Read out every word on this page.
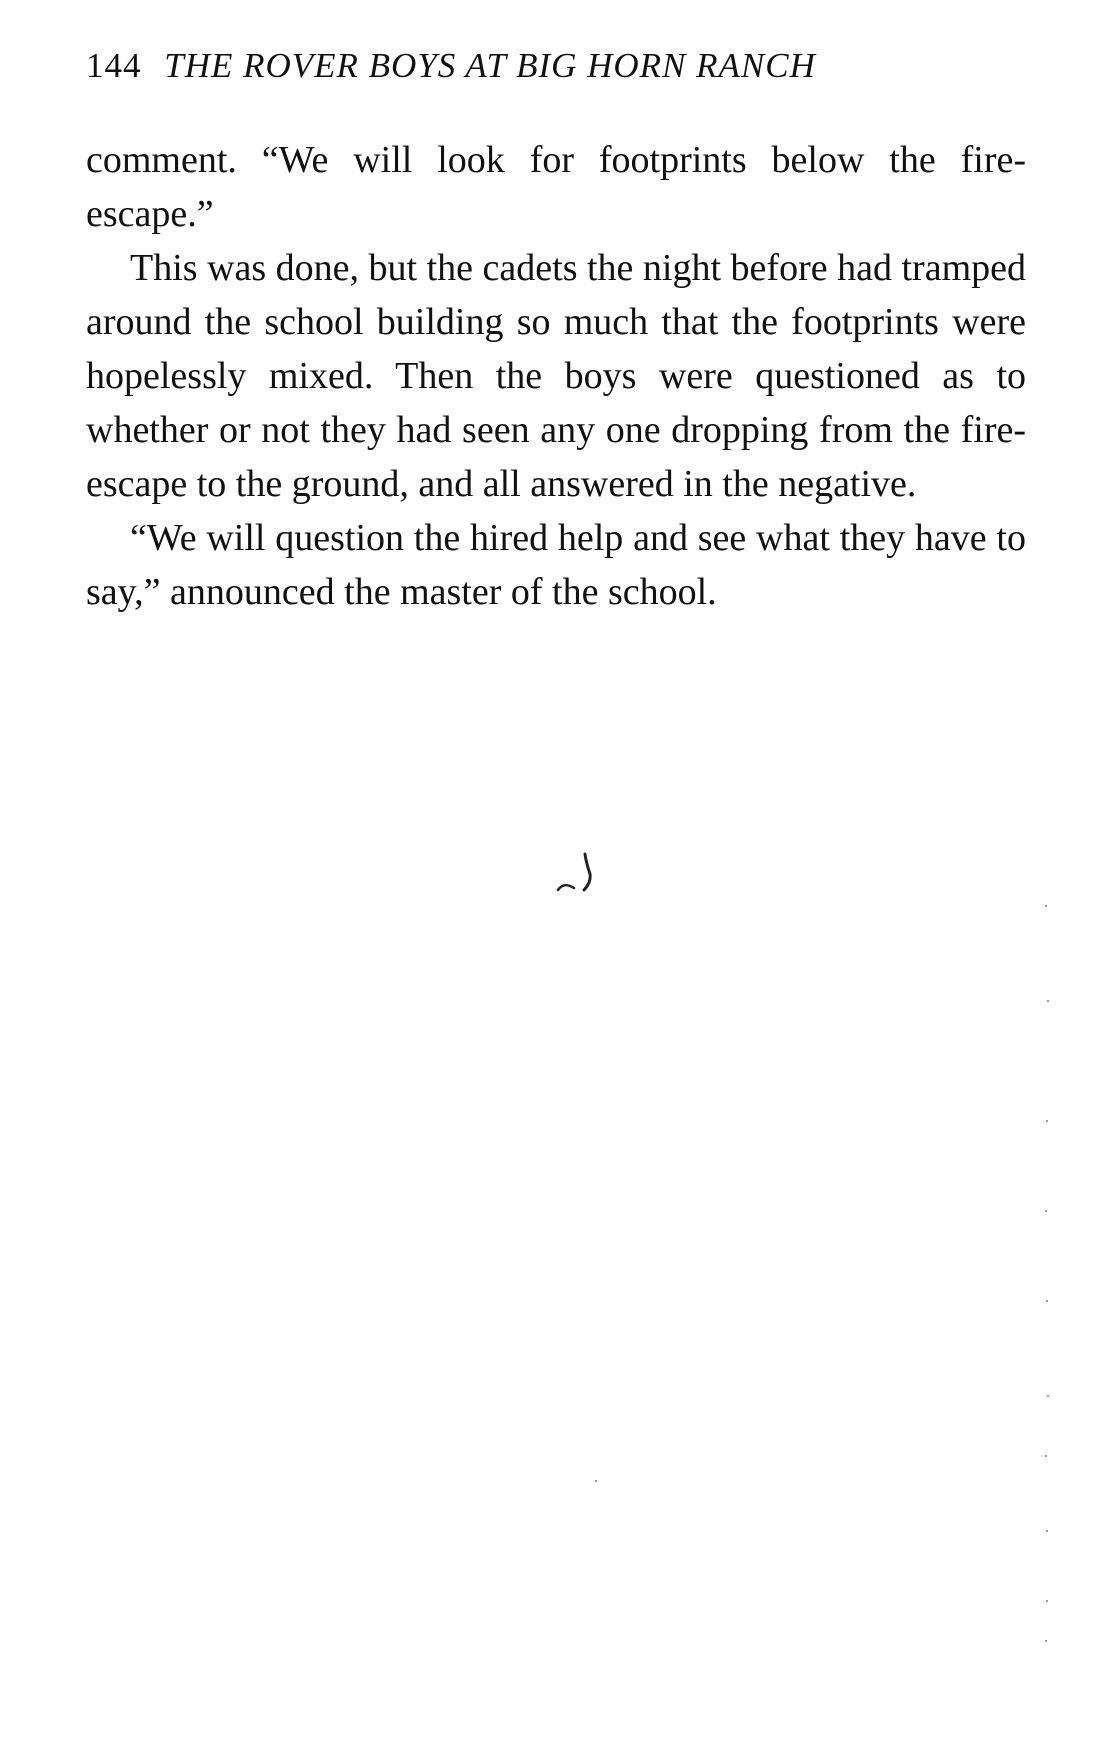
144 THE ROVER BOYS AT BIG HORN RANCH

comment. “We will look for footprints below the fire-escape.”

This was done, but the cadets the night before had tramped around the school building so much that the footprints were hopelessly mixed. Then the boys were questioned as to whether or not they had seen any one dropping from the fire-escape to the ground, and all answered in the negative.

“We will question the hired help and see what they have to say,” announced the master of the school.
